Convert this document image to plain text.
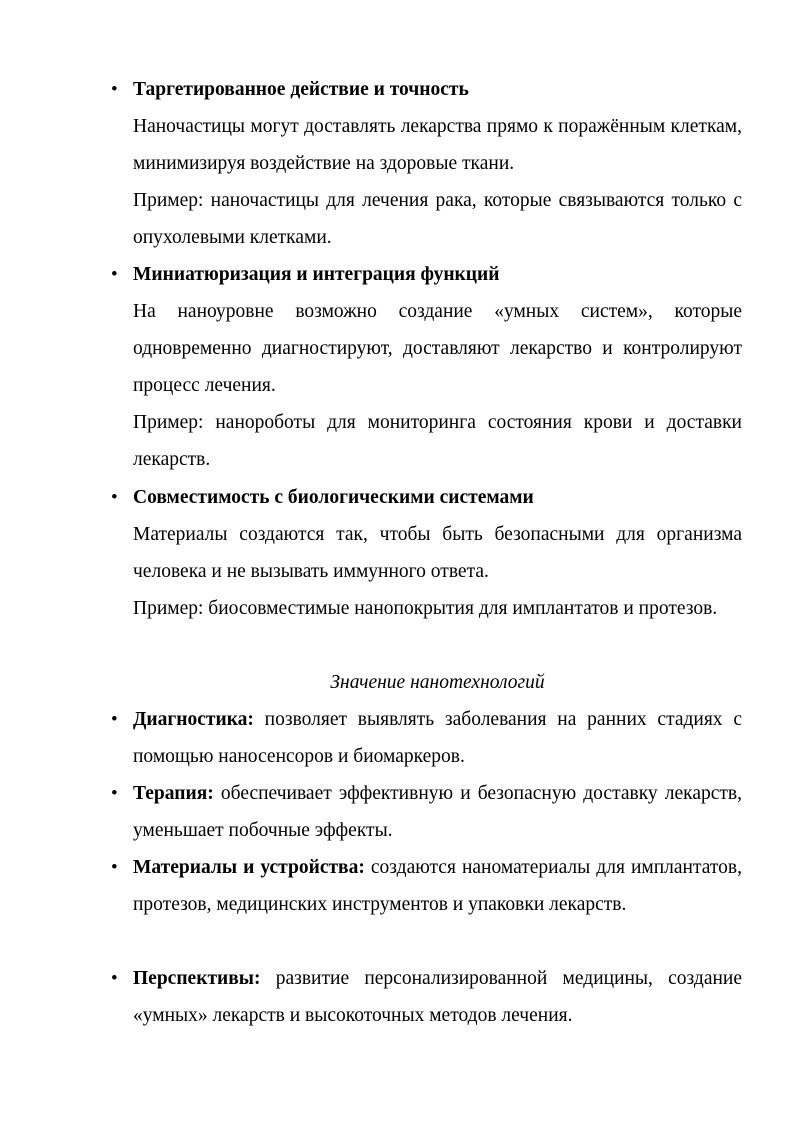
• Таргетированное действие и точность
Наночастицы могут доставлять лекарства прямо к поражённым клеткам, минимизируя воздействие на здоровые ткани.
Пример: наночастицы для лечения рака, которые связываются только с опухолевыми клетками.
• Миниатюризация и интеграция функций
На наноуровне возможно создание «умных систем», которые одновременно диагностируют, доставляют лекарство и контролируют процесс лечения.
Пример: нанороботы для мониторинга состояния крови и доставки лекарств.
• Совместимость с биологическими системами
Материалы создаются так, чтобы быть безопасными для организма человека и не вызывать иммунного ответа.
Пример: биосовместимые нанопокрытия для имплантатов и протезов.
Значение нанотехнологий
• Диагностика: позволяет выявлять заболевания на ранних стадиях с помощью наносенсоров и биомаркеров.
• Терапия: обеспечивает эффективную и безопасную доставку лекарств, уменьшает побочные эффекты.
• Материалы и устройства: создаются наноматериалы для имплантатов, протезов, медицинских инструментов и упаковки лекарств.
• Перспективы: развитие персонализированной медицины, создание «умных» лекарств и высокоточных методов лечения.
